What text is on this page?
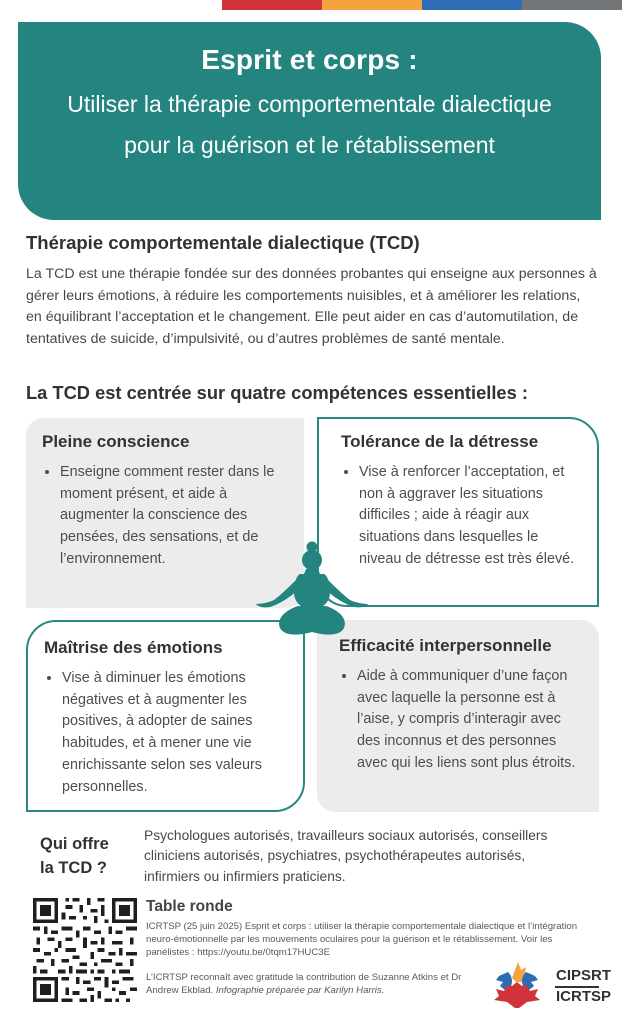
Esprit et corps :

Utiliser la thérapie comportementale dialectique pour la guérison et le rétablissement

Thérapie comportementale dialectique (TCD)

La TCD est une thérapie fondée sur des données probantes qui enseigne aux personnes à gérer leurs émotions, à réduire les comportements nuisibles, et à améliorer les relations, en équilibrant l’acceptation et le changement. Elle peut aider en cas d’automutilation, de tentatives de suicide, d’impulsivité, ou d’autres problèmes de santé mentale.

La TCD est centrée sur quatre compétences essentielles :
Pleine conscience
• Enseigne comment rester dans le moment présent, et aide à augmenter la conscience des pensées, des sensations, et de l’environnement.
Tolérance de la détresse
• Vise à renforcer l’acceptation, et non à aggraver les situations difficiles ; aide à réagir aux situations dans lesquelles le niveau de détresse est très élevé.
Maîtrise des émotions
• Vise à diminuer les émotions négatives et à augmenter les positives, à adopter de saines habitudes, et à mener une vie enrichissante selon ses valeurs personnelles.
Efficacité interpersonnelle
• Aide à communiquer d’une façon avec laquelle la personne est à l’aise, y compris d’interagir avec des inconnus et des personnes avec qui les liens sont plus étroits.
Qui offre
la TCD ?

Psychologues autorisés, travailleurs sociaux autorisés, conseillers cliniciens autorisés, psychiatres, psychothérapeutes autorisés, infirmiers ou infirmiers praticiens.

Table ronde

ICRTSP (25 juin 2025) Esprit et corps : utiliser la thérapie comportementale dialectique et l’intégration neuro-émotionnelle par les mouvements oculaires pour la guérison et le rétablissement. Voir les panélistes : https://youtu.be/0tqm17HUC3E

L’ICRTSP reconnaît avec gratitude la contribution de Suzanne Atkins et Dr Andrew Ekblad. Infographie préparée par Karilyn Harris.

CIPSRT
ICRTSP
